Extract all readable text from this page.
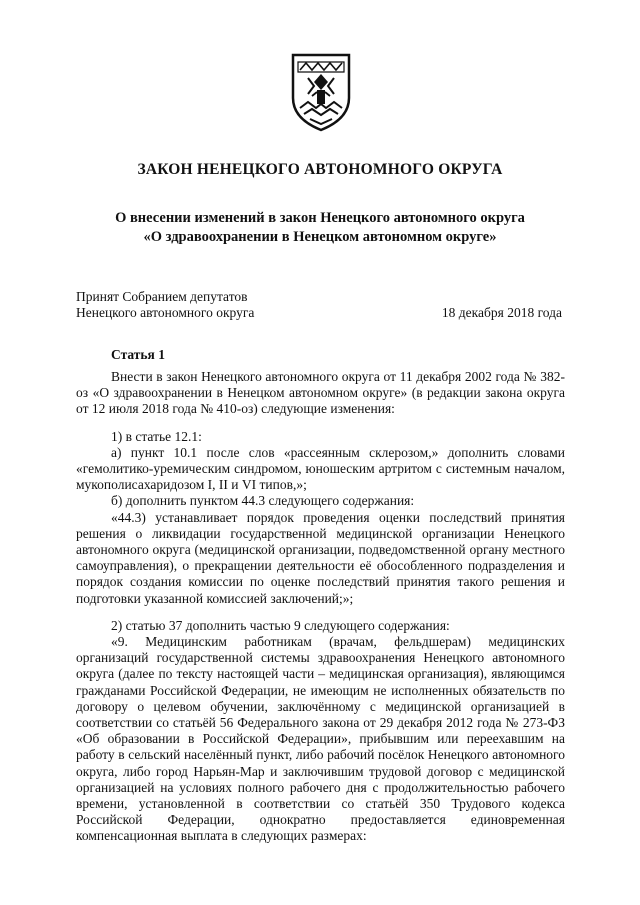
ЗАКОН НЕНЕЦКОГО АВТОНОМНОГО ОКРУГА
О внесении изменений в закон Ненецкого автономного округа
«О здравоохранении в Ненецком автономном округе»
Принят Собранием депутатов
Ненецкого автономного округа	18 декабря 2018 года
Статья 1

Внести в закон Ненецкого автономного округа от 11 декабря 2002 года № 382-оз «О здравоохранении в Ненецком автономном округе» (в редакции закона округа от 12 июля 2018 года № 410-оз) следующие изменения:

1) в статье 12.1:

а) пункт 10.1 после слов «рассеянным склерозом,» дополнить словами «гемолитико-уремическим синдромом, юношеским артритом с системным началом, мукополисахаридозом I, II и VI типов,»;

б) дополнить пунктом 44.3 следующего содержания:

«44.3) устанавливает порядок проведения оценки последствий принятия решения о ликвидации государственной медицинской организации Ненецкого автономного округа (медицинской организации, подведомственной органу местного самоуправления), о прекращении деятельности её обособленного подразделения и порядок создания комиссии по оценке последствий принятия такого решения и подготовки указанной комиссией заключений;»;

2) статью 37 дополнить частью 9 следующего содержания:

«9. Медицинским работникам (врачам, фельдшерам) медицинских организаций государственной системы здравоохранения Ненецкого автономного округа (далее по тексту настоящей части – медицинская организация), являющимся гражданами Российской Федерации, не имеющим не исполненных обязательств по договору о целевом обучении, заключённому с медицинской организацией в соответствии со статьёй 56 Федерального закона от 29 декабря 2012 года № 273-ФЗ «Об образовании в Российской Федерации», прибывшим или переехавшим на работу в сельский населённый пункт, либо рабочий посёлок Ненецкого автономного округа, либо город Нарьян-Мар и заключившим трудовой договор с медицинской организацией на условиях полного рабочего дня с продолжительностью рабочего времени, установленной в соответствии со статьёй 350 Трудового кодекса Российской Федерации, однократно предоставляется единовременная компенсационная выплата в следующих размерах:
